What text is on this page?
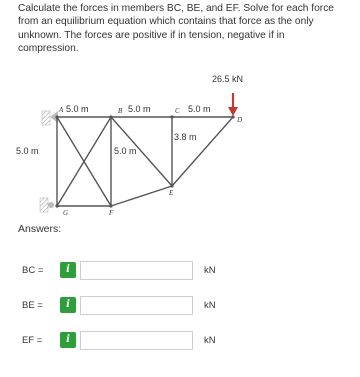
Calculate the forces in members BC, BE, and EF. Solve for each force
from an equilibrium equation which contains that force as the only
unknown. The forces are positive if in tension, negative if in
compression.
26.5 kN
5.0 m	5.0 m	5.0 m
5.0 m	5.0 m
3.8 m
A	B	C
D
E
F
G
Answers:
BC =	i	kN
BE =	i	kN
EF =	i	kN
